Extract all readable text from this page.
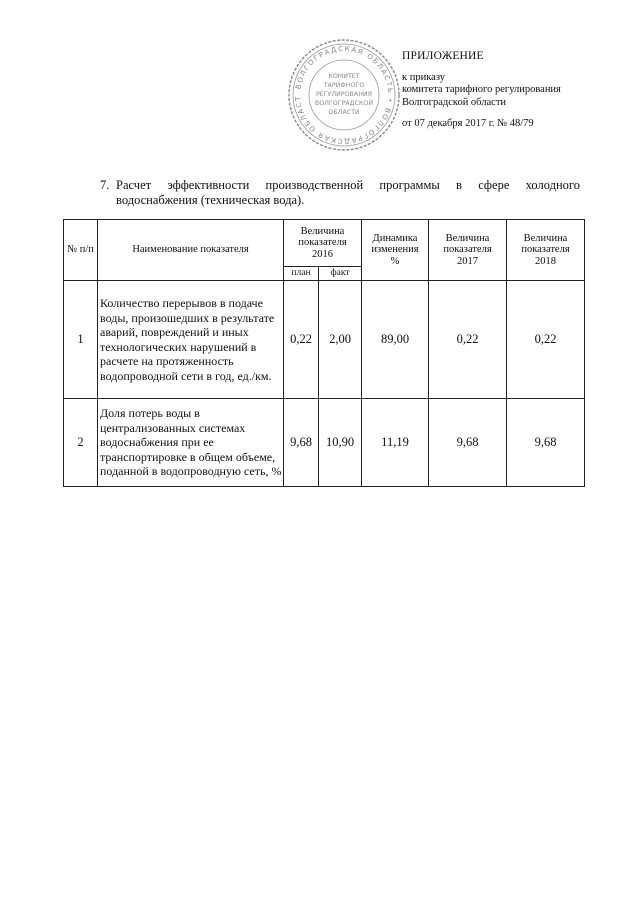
ВОЛГОГРАДСКАЯ ОБЛАСТЬ • ВОЛГОГРАДСКАЯ ОБЛАСТ
КОМИТЕТ
ТАРИФНОГО
РЕГУЛИРОВАНИЯ
ВОЛГОГРАДСКОЙ
ОБЛАСТИ
ПРИЛОЖЕНИЕ
к приказу
комитета тарифного регулирования
Волгоградской области
от 07 декабря 2017 г. № 48/79
7. Расчет эффективности производственной программы в сфере холодного водоснабжения (техническая вода).
№ п/п	Наименование показателя	Величина показателя 2016		Динамика изменения %	Величина показателя 2017	Величина показателя 2018
		план	факт			
1	Количество перерывов в подаче воды, произошедших в результате аварий, повреждений и иных технологических нарушений в расчете на протяженность водопроводной сети в год, ед./км.	0,22	2,00	89,00	0,22	0,22
2	Доля потерь воды в централизованных системах водоснабжения при ее транспортировке в общем объеме, поданной в водопроводную сеть, %	9,68	10,90	11,19	9,68	9,68
